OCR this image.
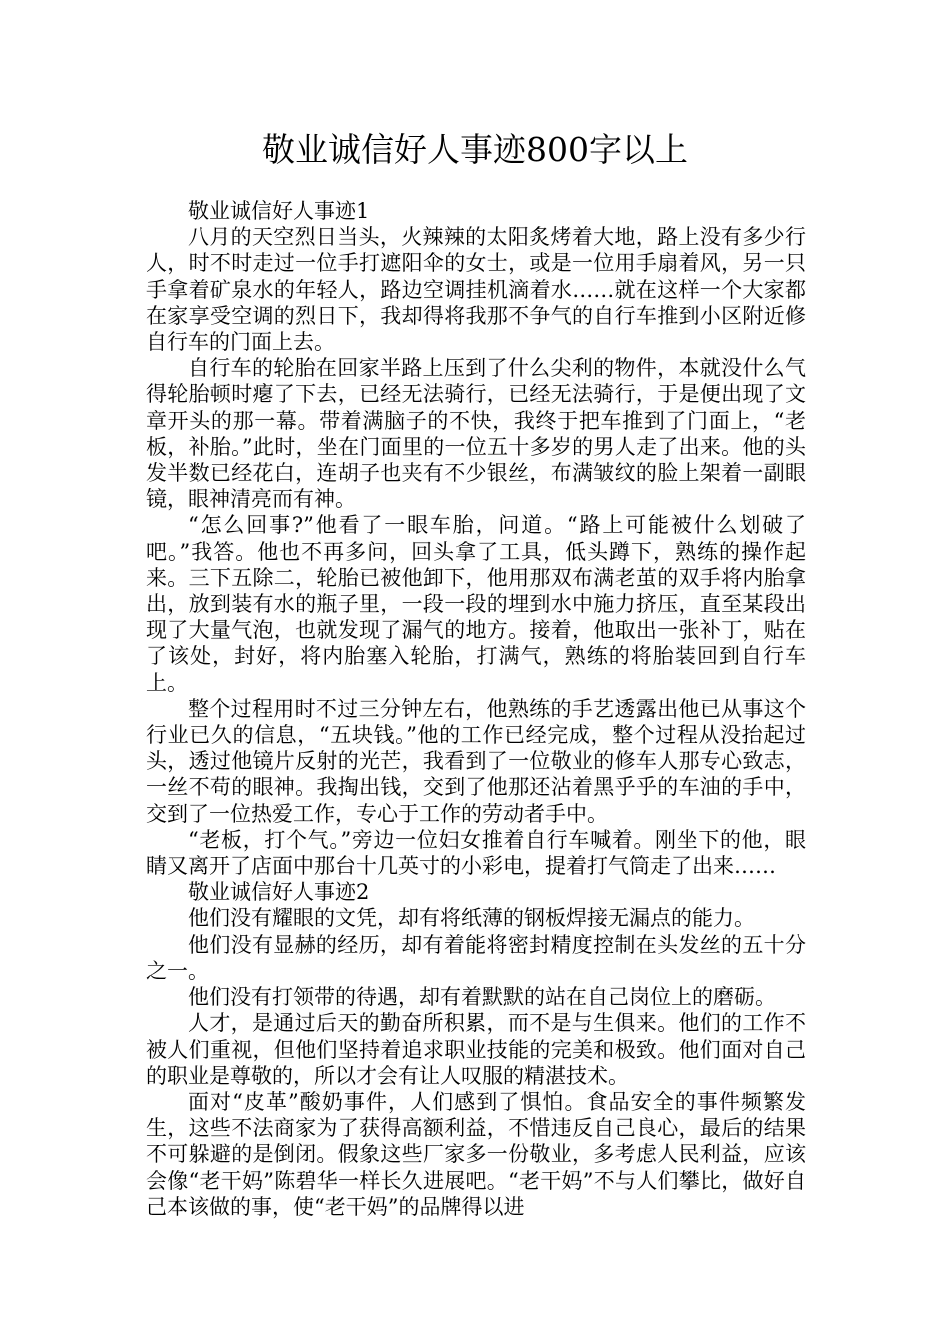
敬业诚信好人事迹800字以上

敬业诚信好人事迹1

八月的天空烈日当头，火辣辣的太阳炙烤着大地，路上没有多少行人，时不时走过一位手打遮阳伞的女士，或是一位用手扇着风，另一只手拿着矿泉水的年轻人，路边空调挂机滴着水……就在这样一个大家都在家享受空调的烈日下，我却得将我那不争气的自行车推到小区附近修自行车的门面上去。

自行车的轮胎在回家半路上压到了什么尖利的物件，本就没什么气得轮胎顿时瘪了下去，已经无法骑行，已经无法骑行，于是便出现了文章开头的那一幕。带着满脑子的不快，我终于把车推到了门面上，“老板，补胎。”此时，坐在门面里的一位五十多岁的男人走了出来。他的头发半数已经花白，连胡子也夹有不少银丝，布满皱纹的脸上架着一副眼镜，眼神清亮而有神。

“怎么回事?”他看了一眼车胎，问道。“路上可能被什么划破了吧。”我答。他也不再多问，回头拿了工具，低头蹲下，熟练的操作起来。三下五除二，轮胎已被他卸下，他用那双布满老茧的双手将内胎拿出，放到装有水的瓶子里，一段一段的埋到水中施力挤压，直至某段出现了大量气泡，也就发现了漏气的地方。接着，他取出一张补丁，贴在了该处，封好，将内胎塞入轮胎，打满气，熟练的将胎装回到自行车上。

整个过程用时不过三分钟左右，他熟练的手艺透露出他已从事这个行业已久的信息，“五块钱。”他的工作已经完成，整个过程从没抬起过头，透过他镜片反射的光芒，我看到了一位敬业的修车人那专心致志，一丝不苟的眼神。我掏出钱，交到了他那还沾着黑乎乎的车油的手中，交到了一位热爱工作，专心于工作的劳动者手中。

“老板，打个气。”旁边一位妇女推着自行车喊着。刚坐下的他，眼睛又离开了店面中那台十几英寸的小彩电，提着打气筒走了出来……

敬业诚信好人事迹2

他们没有耀眼的文凭，却有将纸薄的钢板焊接无漏点的能力。

他们没有显赫的经历，却有着能将密封精度控制在头发丝的五十分之一。

他们没有打领带的待遇，却有着默默的站在自己岗位上的磨砺。

人才，是通过后天的勤奋所积累，而不是与生俱来。他们的工作不被人们重视，但他们坚持着追求职业技能的完美和极致。他们面对自己的职业是尊敬的，所以才会有让人叹服的精湛技术。

面对“皮革”酸奶事件，人们感到了惧怕。食品安全的事件频繁发生，这些不法商家为了获得高额利益，不惜违反自己良心，最后的结果不可躲避的是倒闭。假象这些厂家多一份敬业，多考虑人民利益，应该会像“老干妈”陈碧华一样长久进展吧。“老干妈”不与人们攀比，做好自己本该做的事，使“老干妈”的品牌得以进
